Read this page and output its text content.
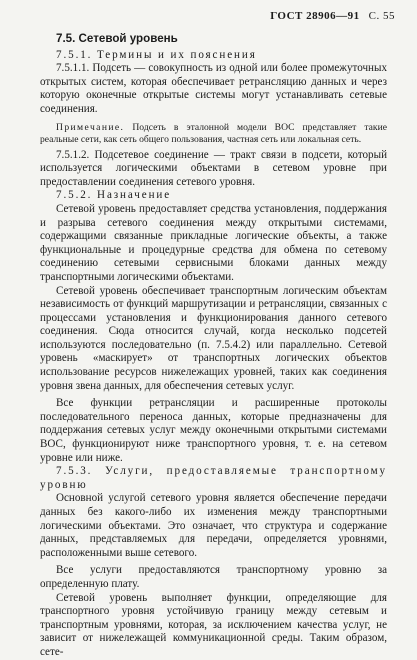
ГОСТ 28906—91 С. 55

7.5. Сетевой уровень

7.5.1. Термины и их пояснения

7.5.1.1. Подсеть — совокупность из одной или более промежуточных открытых систем, которая обеспечивает ретрансляцию данных и через которую оконечные открытые системы могут устанавливать сетевые соединения.

Примечание. Подсеть в эталонной модели ВОС представляет такие реальные сети, как сеть общего пользования, частная сеть или локальная сеть.

7.5.1.2. Подсетевое соединение — тракт связи в подсети, который используется логическими объектами в сетевом уровне при предоставлении соединения сетевого уровня.

7.5.2. Назначение

Сетевой уровень предоставляет средства установления, поддержания и разрыва сетевого соединения между открытыми системами, содержащими связанные прикладные логические объекты, а также функциональные и процедурные средства для обмена по сетевому соединению сетевыми сервисными блоками данных между транспортными логическими объектами.

Сетевой уровень обеспечивает транспортным логическим объектам независимость от функций маршрутизации и ретрансляции, связанных с процессами установления и функционирования данного сетевого соединения. Сюда относится случай, когда несколько подсетей используются последовательно (п. 7.5.4.2) или параллельно. Сетевой уровень «маскирует» от транспортных логических объектов использование ресурсов нижележащих уровней, таких как соединения уровня звена данных, для обеспечения сетевых услуг.

Все функции ретрансляции и расширенные протоколы последовательного переноса данных, которые предназначены для поддержания сетевых услуг между оконечными открытыми системами ВОС, функционируют ниже транспортного уровня, т. е. на сетевом уровне или ниже.

7.5.3. Услуги, предоставляемые транспортному уровню

Основной услугой сетевого уровня является обеспечение передачи данных без какого-либо их изменения между транспортными логическими объектами. Это означает, что структура и содержание данных, представляемых для передачи, определяется уровнями, расположенными выше сетевого.

Все услуги предоставляются транспортному уровню за определенную плату.

Сетевой уровень выполняет функции, определяющие для транспортного уровня устойчивую границу между сетевым и транспортным уровнями, которая, за исключением качества услуг, не зависит от нижележащей коммуникационной среды. Таким образом, сете-
